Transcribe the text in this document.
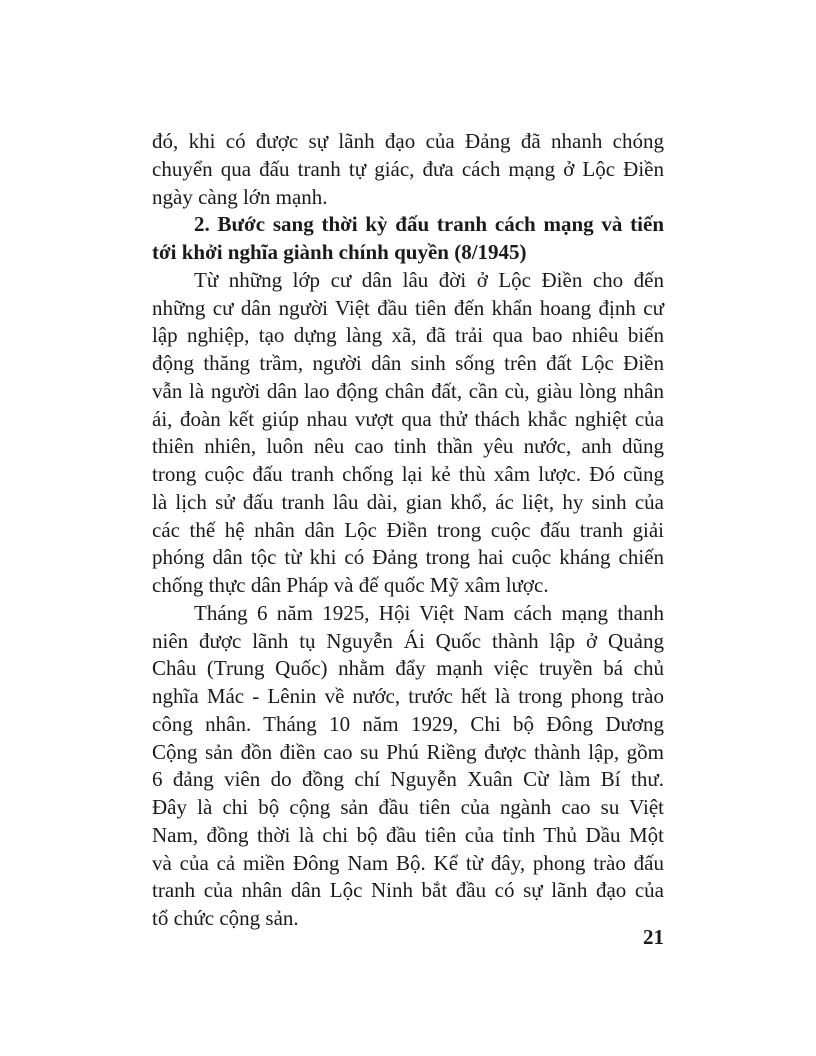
đó, khi có được sự lãnh đạo của Đảng đã nhanh chóng
chuyển qua đấu tranh tự giác, đưa cách mạng ở Lộc Điền
ngày càng lớn mạnh.
2. Bước sang thời kỳ đấu tranh cách mạng và tiến
tới khởi nghĩa giành chính quyền (8/1945)
Từ những lớp cư dân lâu đời ở Lộc Điền cho đến
những cư dân người Việt đầu tiên đến khẩn hoang định cư
lập nghiệp, tạo dựng làng xã, đã trải qua bao nhiêu biến
động thăng trầm, người dân sinh sống trên đất Lộc Điền
vẫn là người dân lao động chân đất, cần cù, giàu lòng nhân
ái, đoàn kết giúp nhau vượt qua thử thách khắc nghiệt của
thiên nhiên, luôn nêu cao tinh thần yêu nước, anh dũng
trong cuộc đấu tranh chống lại kẻ thù xâm lược. Đó cũng
là lịch sử đấu tranh lâu dài, gian khổ, ác liệt, hy sinh của
các thế hệ nhân dân Lộc Điền trong cuộc đấu tranh giải
phóng dân tộc từ khi có Đảng trong hai cuộc kháng chiến
chống thực dân Pháp và đế quốc Mỹ xâm lược.
Tháng 6 năm 1925, Hội Việt Nam cách mạng thanh
niên được lãnh tụ Nguyễn Ái Quốc thành lập ở Quảng
Châu (Trung Quốc) nhằm đẩy mạnh việc truyền bá chủ
nghĩa Mác - Lênin về nước, trước hết là trong phong trào
công nhân. Tháng 10 năm 1929, Chi bộ Đông Dương
Cộng sản đồn điền cao su Phú Riềng được thành lập, gồm
6 đảng viên do đồng chí Nguyễn Xuân Cừ làm Bí thư.
Đây là chi bộ cộng sản đầu tiên của ngành cao su Việt
Nam, đồng thời là chi bộ đầu tiên của tỉnh Thủ Dầu Một
và của cả miền Đông Nam Bộ. Kể từ đây, phong trào đấu
tranh của nhân dân Lộc Ninh bắt đầu có sự lãnh đạo của
tổ chức cộng sản.
21
